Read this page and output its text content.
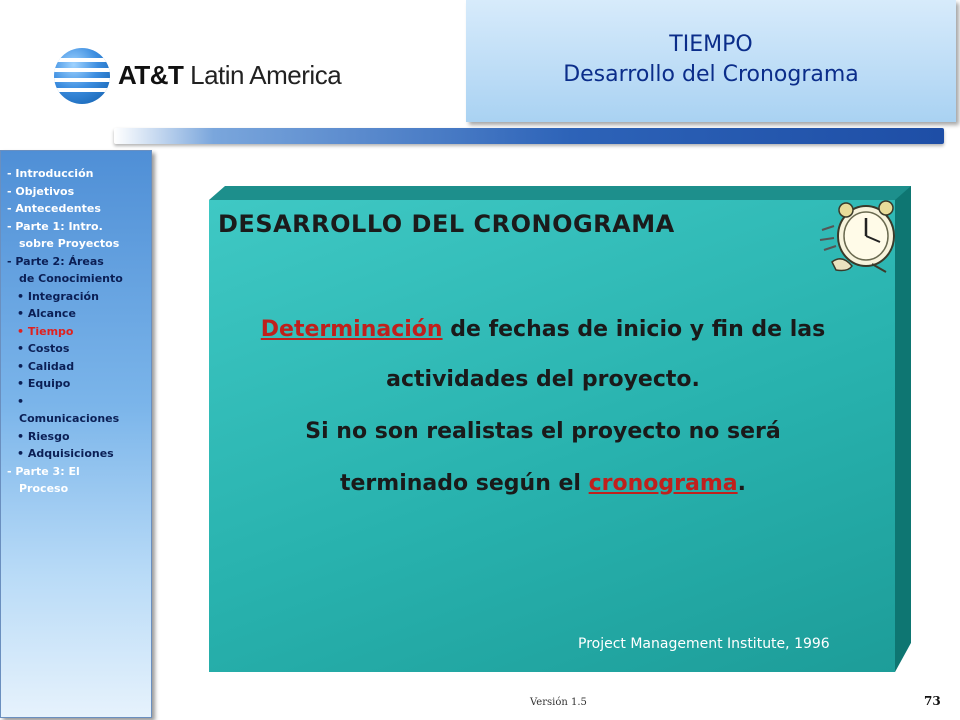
AT&T Latin America
TIEMPO
Desarrollo del Cronograma
- Introducción
- Objetivos
- Antecedentes
- Parte 1: Intro.
sobre Proyectos
- Parte 2: Áreas
de Conocimiento
• Integración
• Alcance
• Tiempo
• Costos
• Calidad
• Equipo
•
Comunicaciones
• Riesgo
• Adquisiciones
- Parte 3: El
Proceso
DESARROLLO DEL CRONOGRAMA
Determinación de fechas de inicio y fin de las
actividades del proyecto.
Si no son realistas el proyecto no será
terminado según el cronograma.
Project Management Institute, 1996
Versión 1.5	73
